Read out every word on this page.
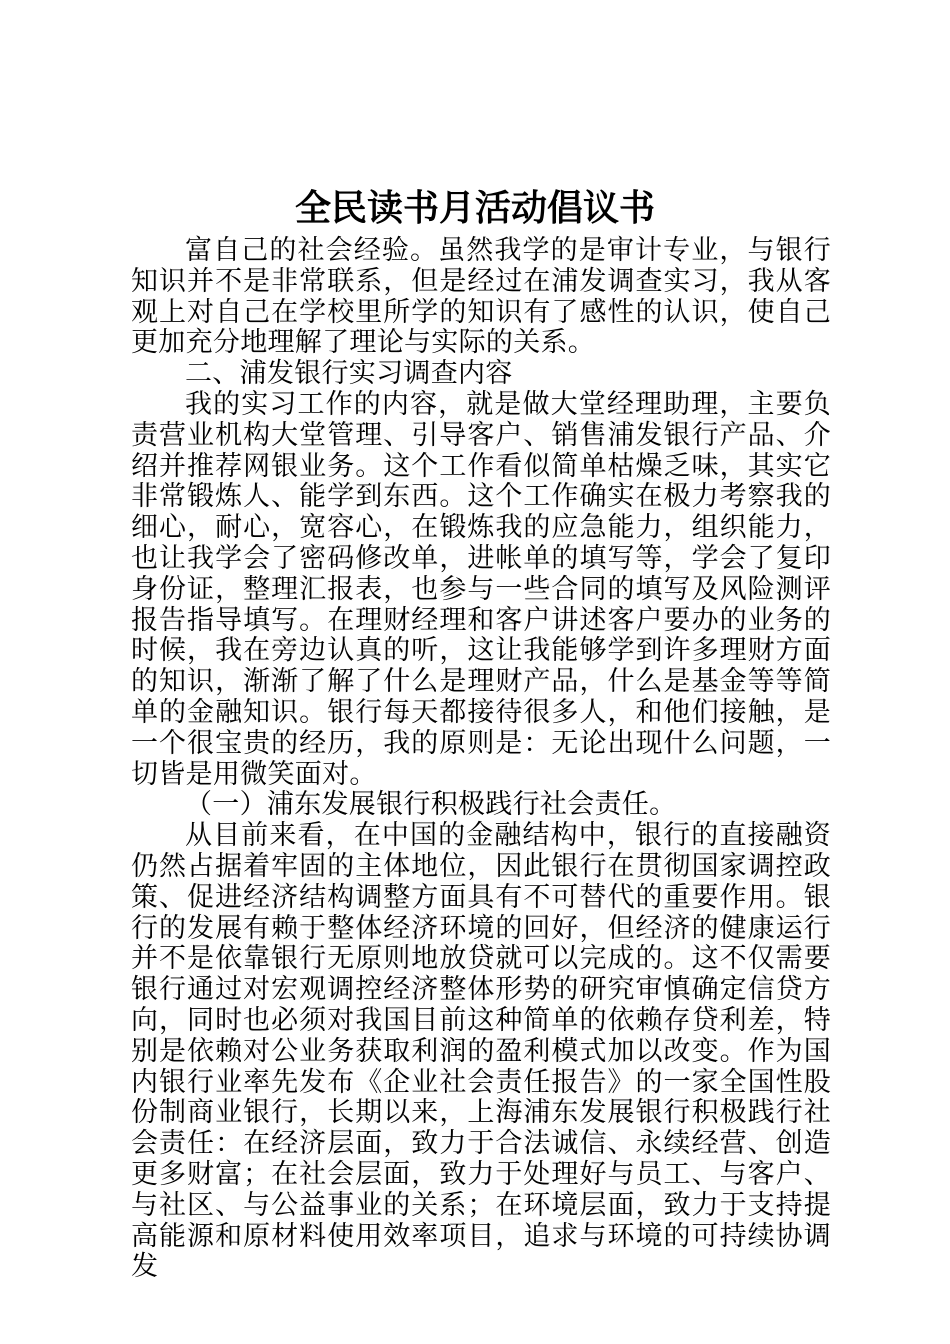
全民读书月活动倡议书

富自己的社会经验。虽然我学的是审计专业，与银行知识并不是非常联系，但是经过在浦发调查实习，我从客观上对自己在学校里所学的知识有了感性的认识，使自己更加充分地理解了理论与实际的关系。

二、浦发银行实习调查内容

我的实习工作的内容，就是做大堂经理助理，主要负责营业机构大堂管理、引导客户、销售浦发银行产品、介绍并推荐网银业务。这个工作看似简单枯燥乏味，其实它非常锻炼人、能学到东西。这个工作确实在极力考察我的细心，耐心，宽容心，在锻炼我的应急能力，组织能力，也让我学会了密码修改单，进帐单的填写等，学会了复印身份证，整理汇报表，也参与一些合同的填写及风险测评报告指导填写。在理财经理和客户讲述客户要办的业务的时候，我在旁边认真的听，这让我能够学到许多理财方面的知识，渐渐了解了什么是理财产品，什么是基金等等简单的金融知识。银行每天都接待很多人，和他们接触，是一个很宝贵的经历，我的原则是：无论出现什么问题，一切皆是用微笑面对。

（一）浦东发展银行积极践行社会责任。

从目前来看，在中国的金融结构中，银行的直接融资仍然占据着牢固的主体地位，因此银行在贯彻国家调控政策、促进经济结构调整方面具有不可替代的重要作用。银行的发展有赖于整体经济环境的回好，但经济的健康运行并不是依靠银行无原则地放贷就可以完成的。这不仅需要银行通过对宏观调控经济整体形势的研究审慎确定信贷方向，同时也必须对我国目前这种简单的依赖存贷利差，特别是依赖对公业务获取利润的盈利模式加以改变。作为国内银行业率先发布《企业社会责任报告》的一家全国性股份制商业银行，长期以来，上海浦东发展银行积极践行社会责任：在经济层面，致力于合法诚信、永续经营、创造更多财富；在社会层面，致力于处理好与员工、与客户、与社区、与公益事业的关系；在环境层面，致力于支持提高能源和原材料使用效率项目，追求与环境的可持续协调发
